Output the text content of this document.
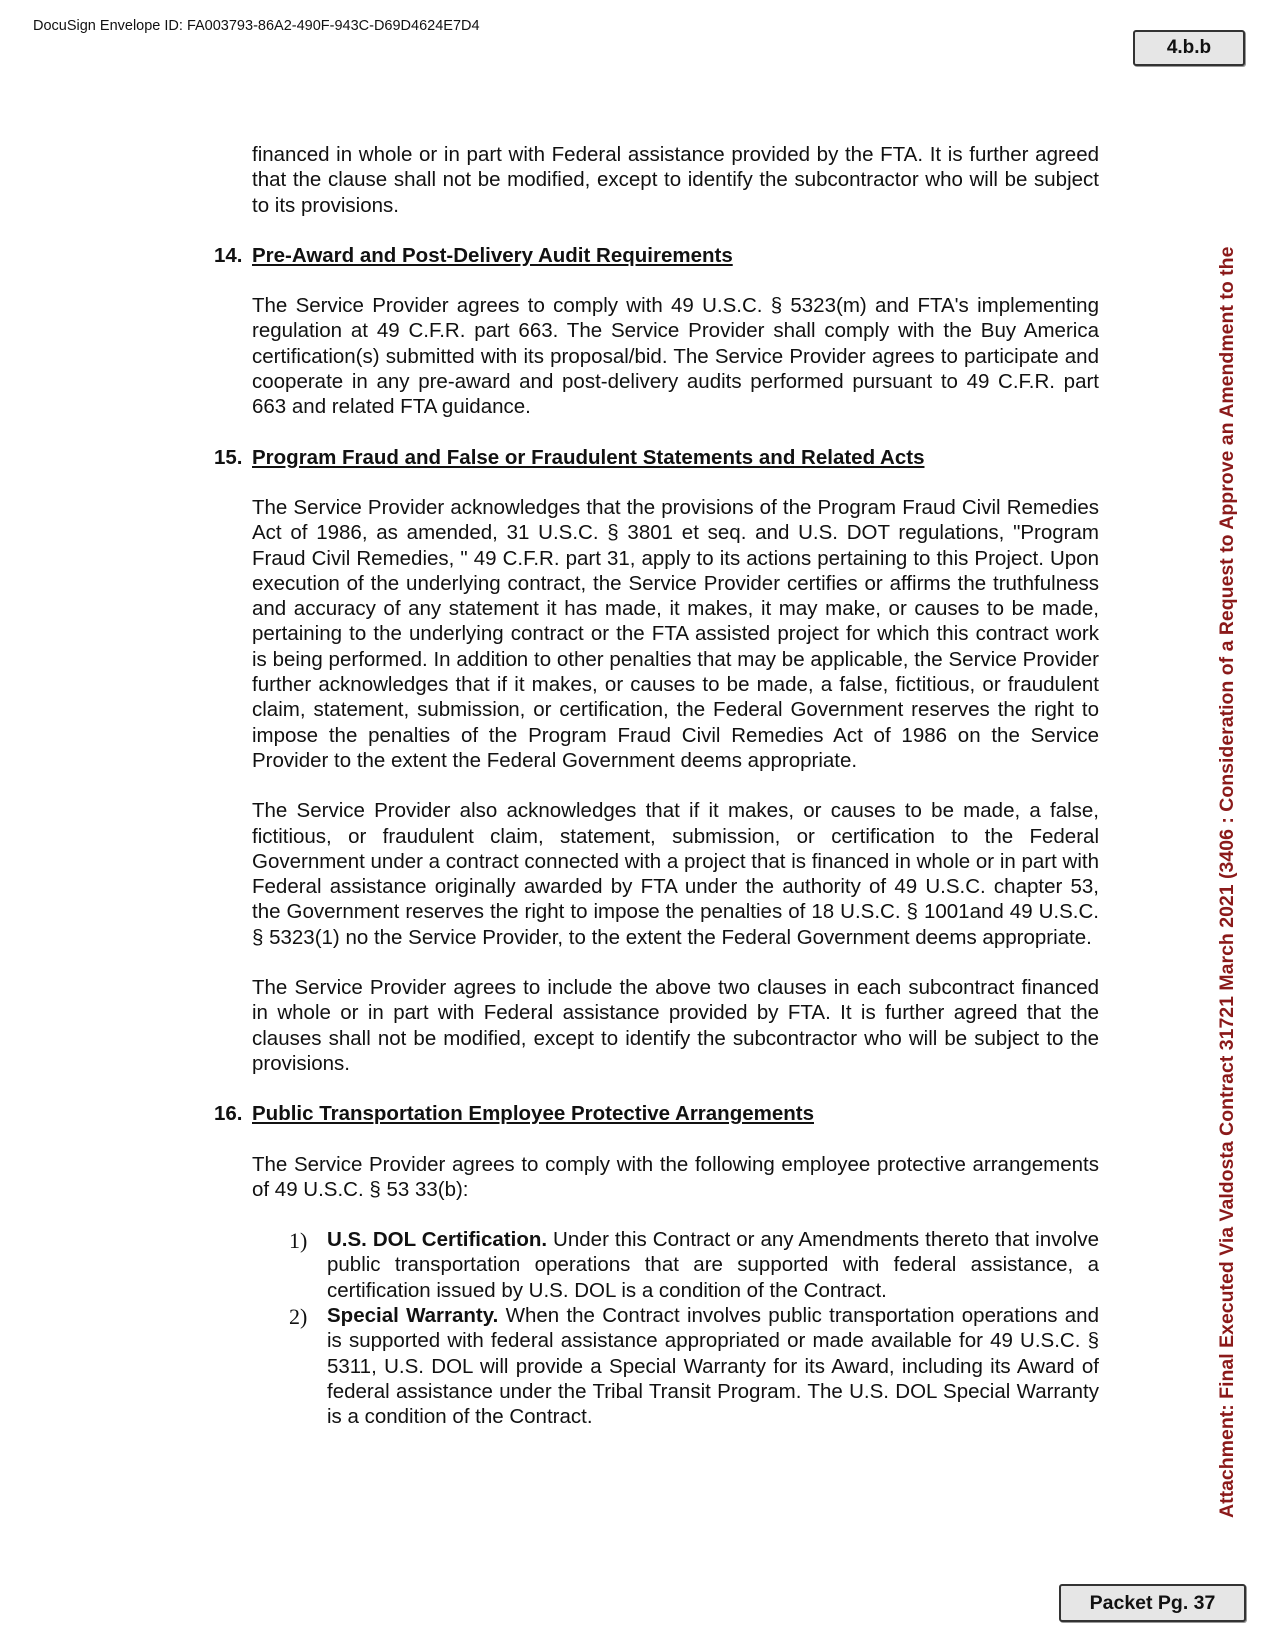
DocuSign Envelope ID: FA003793-86A2-490F-943C-D69D4624E7D4
4.b.b
Attachment: Final Executed Via Valdosta Contract 31721 March 2021 (3406 : Consideration of a Request to Approve an Amendment to the

financed in whole or in part with Federal assistance provided by the FTA. It is further agreed that the clause shall not be modified, except to identify the subcontractor who will be subject to its provisions.

14. Pre-Award and Post-Delivery Audit Requirements

The Service Provider agrees to comply with 49 U.S.C. § 5323(m) and FTA's implementing regulation at 49 C.F.R. part 663. The Service Provider shall comply with the Buy America certification(s) submitted with its proposal/bid. The Service Provider agrees to participate and cooperate in any pre-award and post-delivery audits performed pursuant to 49 C.F.R. part 663 and related FTA guidance.

15. Program Fraud and False or Fraudulent Statements and Related Acts

The Service Provider acknowledges that the provisions of the Program Fraud Civil Remedies Act of 1986, as amended, 31 U.S.C. § 3801 et seq. and U.S. DOT regulations, "Program Fraud Civil Remedies, " 49 C.F.R. part 31, apply to its actions pertaining to this Project. Upon execution of the underlying contract, the Service Provider certifies or affirms the truthfulness and accuracy of any statement it has made, it makes, it may make, or causes to be made, pertaining to the underlying contract or the FTA assisted project for which this contract work is being performed. In addition to other penalties that may be applicable, the Service Provider further acknowledges that if it makes, or causes to be made, a false, fictitious, or fraudulent claim, statement, submission, or certification, the Federal Government reserves the right to impose the penalties of the Program Fraud Civil Remedies Act of 1986 on the Service Provider to the extent the Federal Government deems appropriate.

The Service Provider also acknowledges that if it makes, or causes to be made, a false, fictitious, or fraudulent claim, statement, submission, or certification to the Federal Government under a contract connected with a project that is financed in whole or in part with Federal assistance originally awarded by FTA under the authority of 49 U.S.C. chapter 53, the Government reserves the right to impose the penalties of 18 U.S.C. § 1001and 49 U.S.C. § 5323(1) no the Service Provider, to the extent the Federal Government deems appropriate.

The Service Provider agrees to include the above two clauses in each subcontract financed in whole or in part with Federal assistance provided by FTA. It is further agreed that the clauses shall not be modified, except to identify the subcontractor who will be subject to the provisions.

16. Public Transportation Employee Protective Arrangements

The Service Provider agrees to comply with the following employee protective arrangements of 49 U.S.C. § 53 33(b):

1) U.S. DOL Certification. Under this Contract or any Amendments thereto that involve public transportation operations that are supported with federal assistance, a certification issued by U.S. DOL is a condition of the Contract.
2) Special Warranty. When the Contract involves public transportation operations and is supported with federal assistance appropriated or made available for 49 U.S.C. § 5311, U.S. DOL will provide a Special Warranty for its Award, including its Award of federal assistance under the Tribal Transit Program. The U.S. DOL Special Warranty is a condition of the Contract.
Packet Pg. 37
